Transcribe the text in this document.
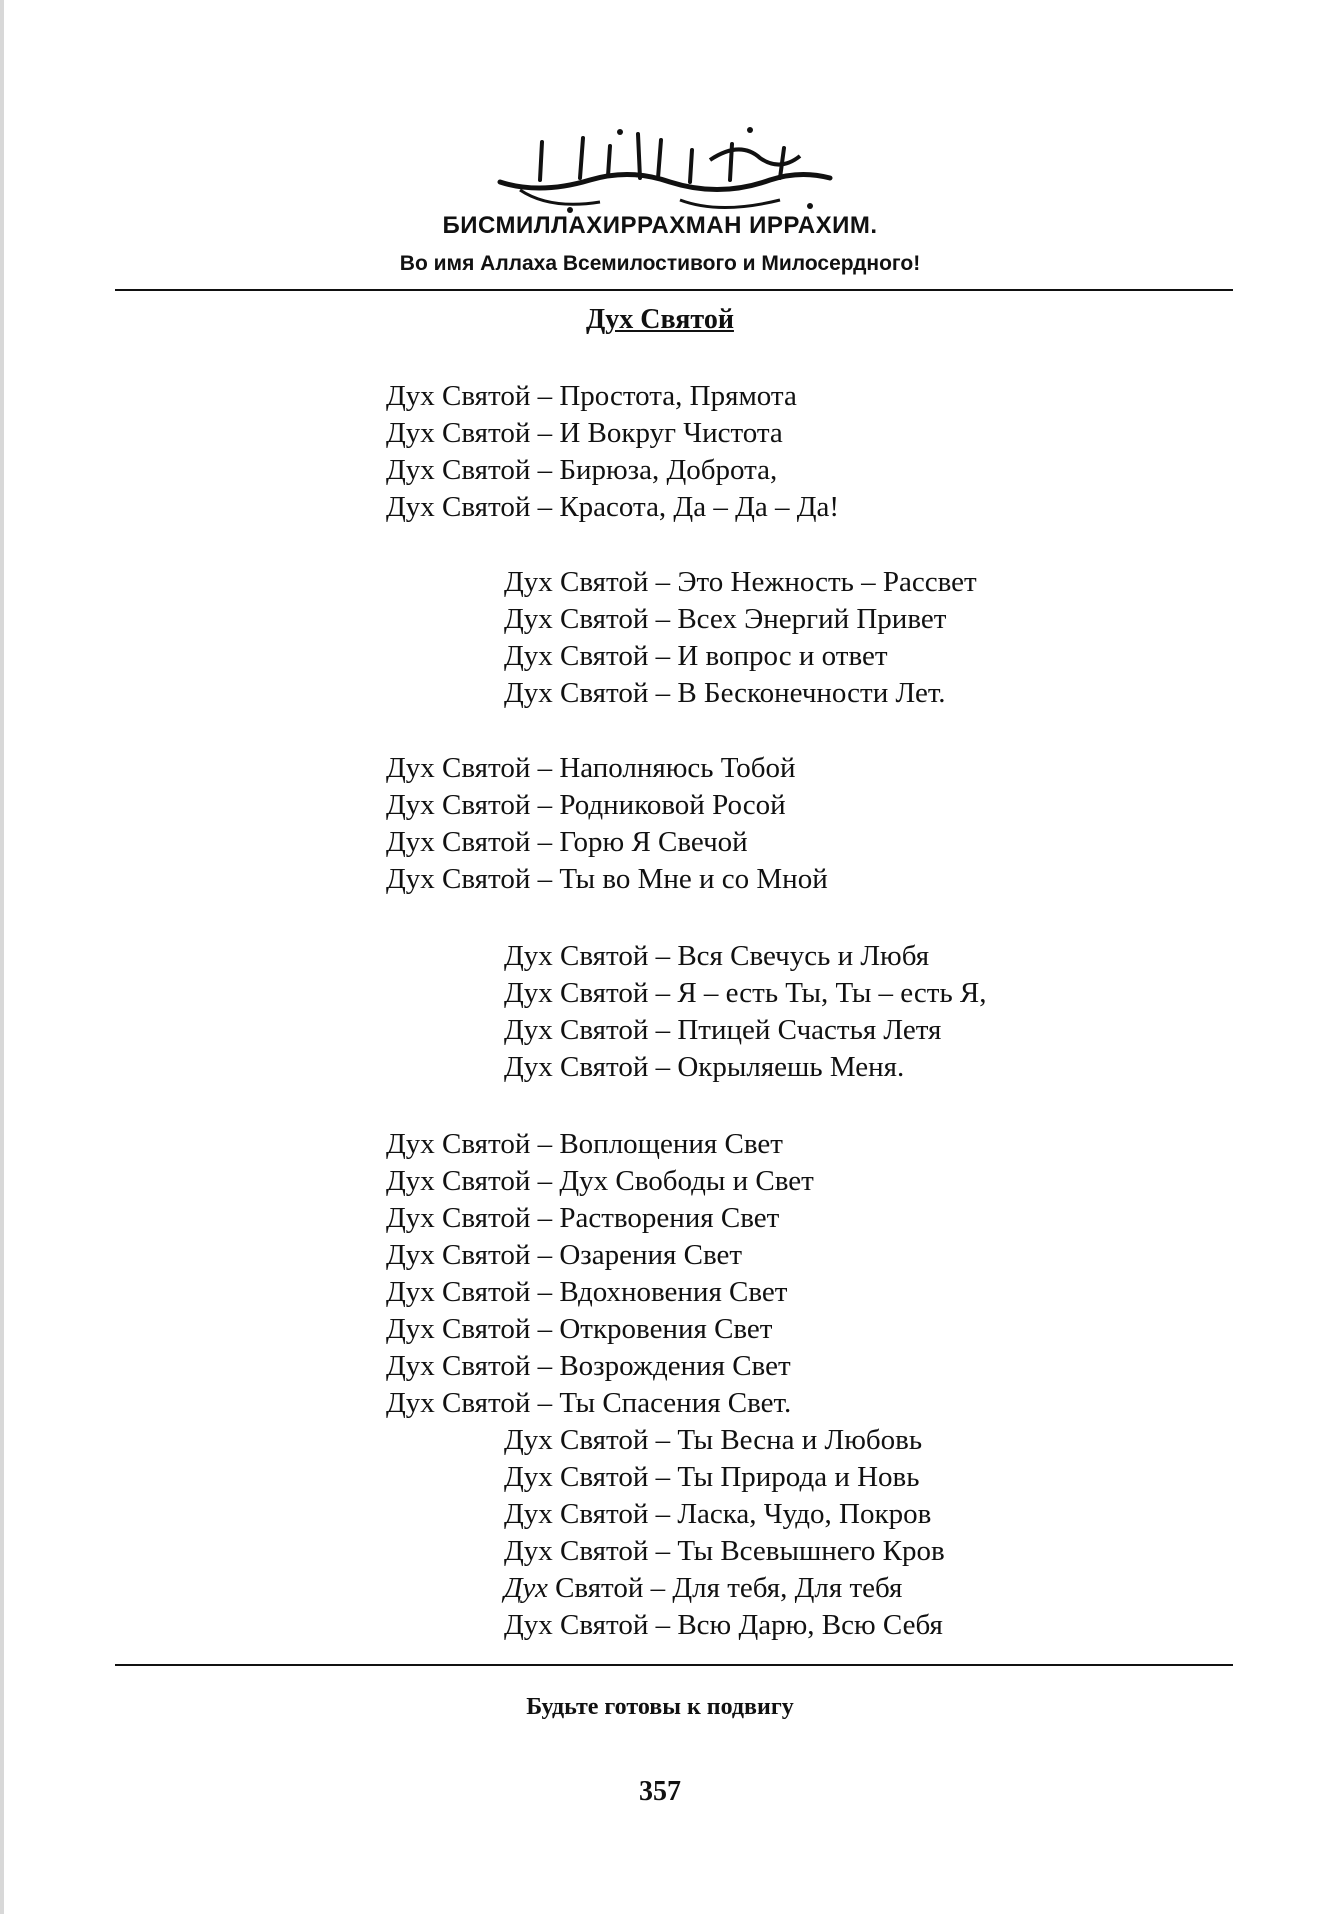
БИСМИЛЛАХИРРАХМАН ИРРАХИМ.
Во имя Аллаха Всемилостивого и Милосердного!
Дух Святой
Дух Святой – Простота, Прямота
Дух Святой – И Вокруг Чистота
Дух Святой – Бирюза, Доброта,
Дух Святой – Красота, Да – Да – Да!
Дух Святой – Это Нежность – Рассвет
Дух Святой – Всех Энергий Привет
Дух Святой – И вопрос и ответ
Дух Святой – В Бесконечности Лет.
Дух Святой – Наполняюсь Тобой
Дух Святой – Родниковой Росой
Дух Святой – Горю Я Свечой
Дух Святой – Ты во Мне и со Мной
Дух Святой – Вся Свечусь и Любя
Дух Святой – Я – есть Ты, Ты – есть Я,
Дух Святой – Птицей Счастья Летя
Дух Святой – Окрыляешь Меня.
Дух Святой – Воплощения Свет
Дух Святой – Дух Свободы и Свет
Дух Святой – Растворения Свет
Дух Святой – Озарения Свет
Дух Святой – Вдохновения Свет
Дух Святой – Откровения Свет
Дух Святой – Возрождения Свет
Дух Святой – Ты Спасения Свет.
Дух Святой – Ты Весна и Любовь
Дух Святой – Ты Природа и Новь
Дух Святой – Ласка, Чудо, Покров
Дух Святой – Ты Всевышнего Кров
Дух Святой – Для тебя, Для тебя
Дух Святой – Всю Дарю, Всю Себя
Будьте готовы к подвигу
357
